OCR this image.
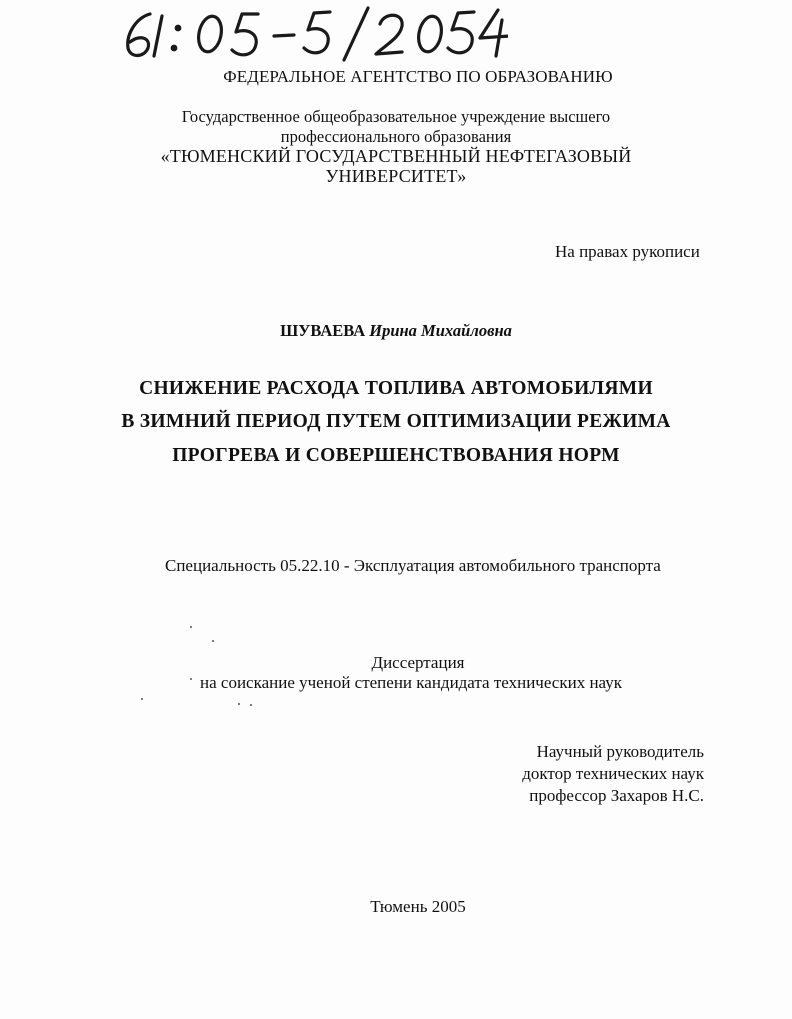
ФЕДЕРАЛЬНОЕ АГЕНТСТВО ПО ОБРАЗОВАНИЮ
Государственное общеобразовательное учреждение высшего
профессионального образования
«ТЮМЕНСКИЙ ГОСУДАРСТВЕННЫЙ НЕФТЕГАЗОВЫЙ
УНИВЕРСИТЕТ»
На правах рукописи
ШУВАЕВА Ирина Михайловна
СНИЖЕНИЕ РАСХОДА ТОПЛИВА АВТОМОБИЛЯМИ
В ЗИМНИЙ ПЕРИОД ПУТЕМ ОПТИМИЗАЦИИ РЕЖИМА
ПРОГРЕВА И СОВЕРШЕНСТВОВАНИЯ НОРМ
Специальность 05.22.10 - Эксплуатация автомобильного транспорта
Диссертация
на соискание ученой степени кандидата технических наук
Научный руководитель
доктор технических наук
профессор Захаров Н.С.
Тюмень 2005
